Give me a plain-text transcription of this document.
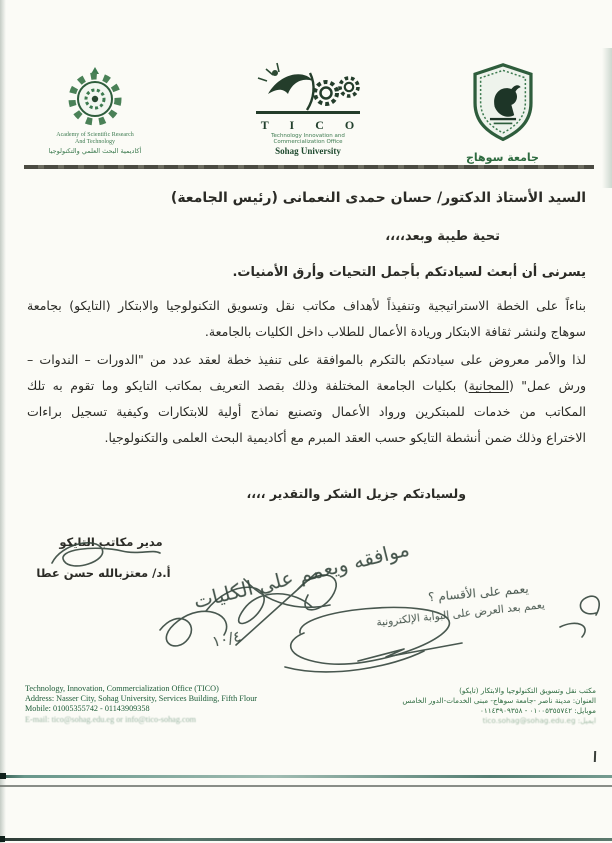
Academy of Scientific Research
And Technology
أكاديمية البحث العلمي والتكنولوجيا
T I C O
Technology Innovation and
Commercialization Office
Sohag University	جامعة سوهاج
السيد الأستاذ الدكتور/ حسان حمدى النعمانى (رئيس الجامعة)
تحية طيبة وبعد،،،،
يسرنى أن أبعث لسيادتكم بأجمل التحيات وأرق الأمنيات.
بناءاً على الخطة الاستراتيجية وتنفيذاً لأهداف مكاتب نقل وتسويق التكنولوجيا والابتكار (التايكو) بجامعة
سوهاج ولنشر ثقافة الابتكار وريادة الأعمال للطلاب داخل الكليات بالجامعة.
لذا والأمر معروض على سيادتكم بالتكرم بالموافقة على تنفيذ خطة لعقد عدد من "الدورات – الندوات –
ورش عمل" (المجانية) بكليات الجامعة المختلفة وذلك بقصد التعريف بمكاتب التايكو وما تقوم به تلك
المكاتب من خدمات للمبتكرين ورواد الأعمال وتصنيع نماذج أولية للابتكارات وكيفية تسجيل براءات
الاختراع وذلك ضمن أنشطة التايكو حسب العقد المبرم مع أكاديمية البحث العلمى والتكنولوجيا.
ولسيادتكم جزيل الشكر والتقدير ،،،،
مدير مكاتب التايكو
أ.د/ معتزبالله حسن عطا	موافقه ويعمم على الكليات
١٠/٤
يعمم على الأقسام ؟
يعمم بعد العرض على البوابة الإلكترونية
Technology, Innovation, Commercialization Office (TICO)
Address: Nasser City, Sohag University, Services Building, Fifth Flour
Mobile: 01005355742 - 01143909358
E-mail: tico@sohag.edu.eg or info@tico-sohag.com
مكتب نقل وتسويق التكنولوجيا والابتكار (تايكو)
العنوان: مدينة ناصر -جامعة سوهاج- مبنى الخدمات-الدور الخامس
موبايل: ٠١٠٠٥٣٥٥٧٤٢ - ٠١١٤٣٩٠٩٣٥٨
ايميل: tico.sohag@sohag.edu.eg
